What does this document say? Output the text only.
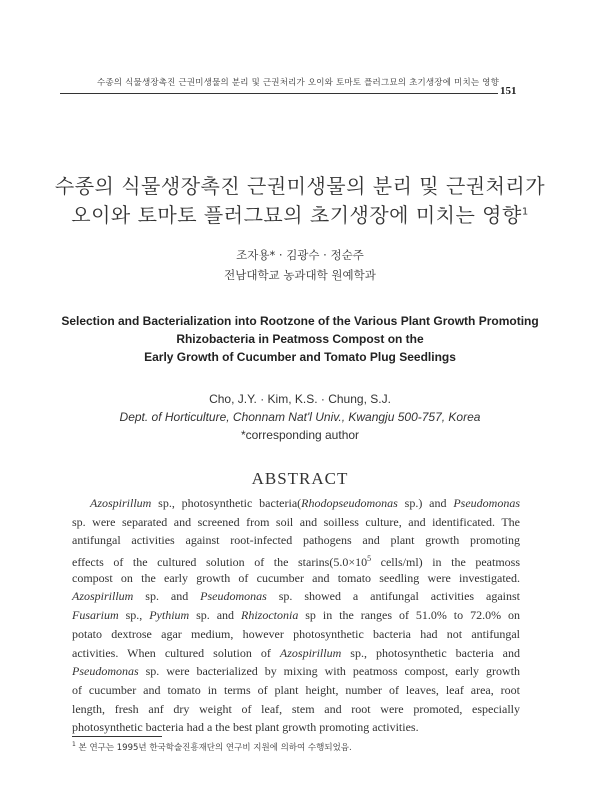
수종의 식물생장촉진 근권미생물의 분리 및 근권처리가 오이와 토마토 플러그묘의 초기생장에 미치는 영향
151
수종의 식물생장촉진 근권미생물의 분리 및 근권처리가
오이와 토마토 플러그묘의 초기생장에 미치는 영향$^1$
조자용* · 김광수 · 정순주
전남대학교 농과대학 원예학과
Selection and Bacterialization into Rootzone of the Various Plant Growth Promoting
Rhizobacteria in Peatmoss Compost on the
Early Growth of Cucumber and Tomato Plug Seedlings
Cho, J.Y. · Kim, K.S. · Chung, S.J.
Dept. of Horticulture, Chonnam Nat'l Univ., Kwangju 500-757, Korea
*corresponding author
ABSTRACT
Azospirillum sp., photosynthetic bacteria(Rhodopseudomonas sp.) and Pseudomonas
sp. were separated and screened from soil and soilless culture, and identificated. The
antifungal activities against root-infected pathogens and plant growth promoting
effects of the cultured solution of the $starins(5.0\times 10^5$ cells/ml) in the peatmoss
compost on the early growth of cucumber and tomato seedling were investigated.
Azospirillum sp. and Pseudomonas sp. showed a antifungal activities against
Fusarium sp., Pythium sp. and Rhizoctonia sp in the ranges of 51.0% to 72.0% on
potato dextrose agar medium, however photosynthetic bacteria had not antifungal
activities. When cultured solution of Azospirillum sp., photosynthetic bacteria and
Pseudomonas sp. were bacterialized by mixing with peatmoss compost, early growth
of cucumber and tomato in terms of plant height, number of leaves, leaf area, root
length, fresh anf dry weight of leaf, stem and root were promoted, especially
photosynthetic bacteria had a the best plant growth promoting activities.
$^1$ 본 연구는 1995년 한국학술진흥재단의 연구비 지원에 의하여 수행되었음.
